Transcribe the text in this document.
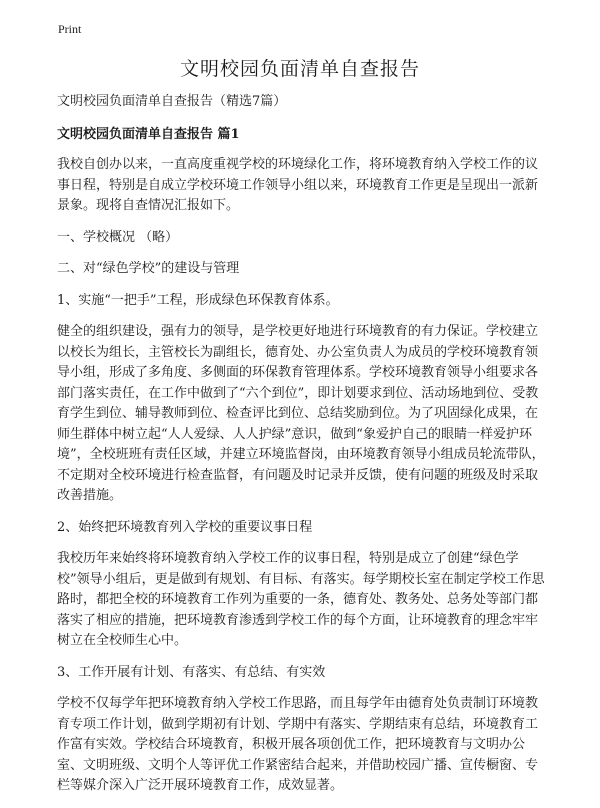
Print
文明校园负面清单自查报告

文明校园负面清单自查报告（精选7篇）

文明校园负面清单自查报告 篇1

我校自创办以来，一直高度重视学校的环境绿化工作，将环境教育纳入学校工作的议事日程，特别是自成立学校环境工作领导小组以来，环境教育工作更是呈现出一派新景象。现将自查情况汇报如下。

一、学校概况 （略）

二、对“绿色学校”的建设与管理

1、实施“一把手”工程，形成绿色环保教育体系。

健全的组织建设，强有力的领导，是学校更好地进行环境教育的有力保证。学校建立以校长为组长，主管校长为副组长，德育处、办公室负责人为成员的学校环境教育领导小组，形成了多角度、多侧面的环保教育管理体系。学校环境教育领导小组要求各部门落实责任，在工作中做到了“六个到位”，即计划要求到位、活动场地到位、受教育学生到位、辅导教师到位、检查评比到位、总结奖励到位。为了巩固绿化成果，在师生群体中树立起“人人爱绿、人人护绿”意识，做到“象爱护自己的眼睛一样爱护环境”，全校班班有责任区域，并建立环境监督岗，由环境教育领导小组成员轮流带队，不定期对全校环境进行检查监督，有问题及时记录并反馈，使有问题的班级及时采取改善措施。

2、始终把环境教育列入学校的重要议事日程

我校历年来始终将环境教育纳入学校工作的议事日程，特别是成立了创建“绿色学校”领导小组后，更是做到有规划、有目标、有落实。每学期校长室在制定学校工作思路时，都把全校的环境教育工作列为重要的一条，德育处、教务处、总务处等部门都落实了相应的措施，把环境教育渗透到学校工作的每个方面，让环境教育的理念牢牢树立在全校师生心中。

3、工作开展有计划、有落实、有总结、有实效

学校不仅每学年把环境教育纳入学校工作思路，而且每学年由德育处负责制订环境教育专项工作计划，做到学期初有计划、学期中有落实、学期结束有总结，环境教育工作富有实效。学校结合环境教育，积极开展各项创优工作，把环境教育与文明办公室、文明班级、文明个人等评优工作紧密结合起来，并借助校园广播、宣传橱窗、专栏等媒介深入广泛开展环境教育工作，成效显著。
